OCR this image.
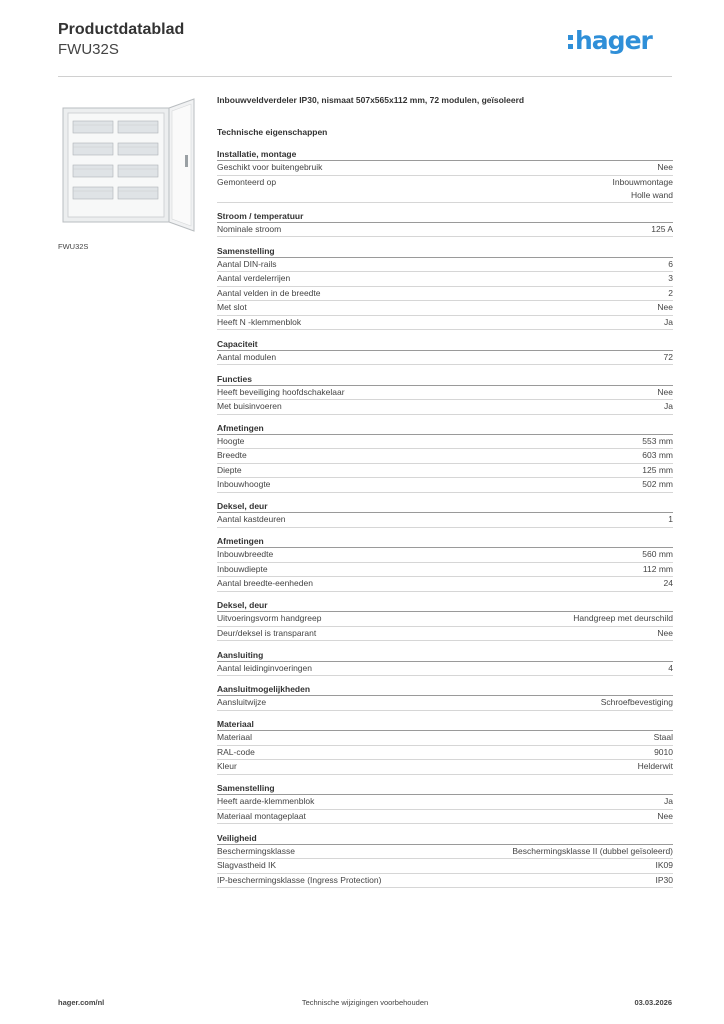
Productdatablad
FWU32S	hager
FWU32S
Inbouwveldverdeler IP30, nismaat 507x565x112 mm, 72 modulen, geïsoleerd
Technische eigenschappen
Installatie, montage
Geschikt voor buitengebruik	Nee
Gemonteerd op	Inbouwmontage
Holle wand
Stroom / temperatuur
Nominale stroom	125 A
Samenstelling
Aantal DIN-rails	6
Aantal verdelerrijen	3
Aantal velden in de breedte	2
Met slot	Nee
Heeft N -klemmenblok	Ja
Capaciteit
Aantal modulen	72
Functies
Heeft beveiliging hoofdschakelaar	Nee
Met buisinvoeren	Ja
Afmetingen
Hoogte	553 mm
Breedte	603 mm
Diepte	125 mm
Inbouwhoogte	502 mm
Deksel, deur
Aantal kastdeuren	1
Afmetingen
Inbouwbreedte	560 mm
Inbouwdiepte	112 mm
Aantal breedte-eenheden	24
Deksel, deur
Uitvoeringsvorm handgreep	Handgreep met deurschild
Deur/deksel is transparant	Nee
Aansluiting
Aantal leidinginvoeringen	4
Aansluitmogelijkheden
Aansluitwijze	Schroefbevestiging
Materiaal
Materiaal	Staal
RAL-code	9010
Kleur	Helderwit
Samenstelling
Heeft aarde-klemmenblok	Ja
Materiaal montageplaat	Nee
Veiligheid
Beschermingsklasse	Beschermingsklasse II (dubbel geïsoleerd)
Slagvastheid IK	IK09
IP-beschermingsklasse (Ingress Protection)	IP30
hager.com/nl	Technische wijzigingen voorbehouden	03.03.2026
